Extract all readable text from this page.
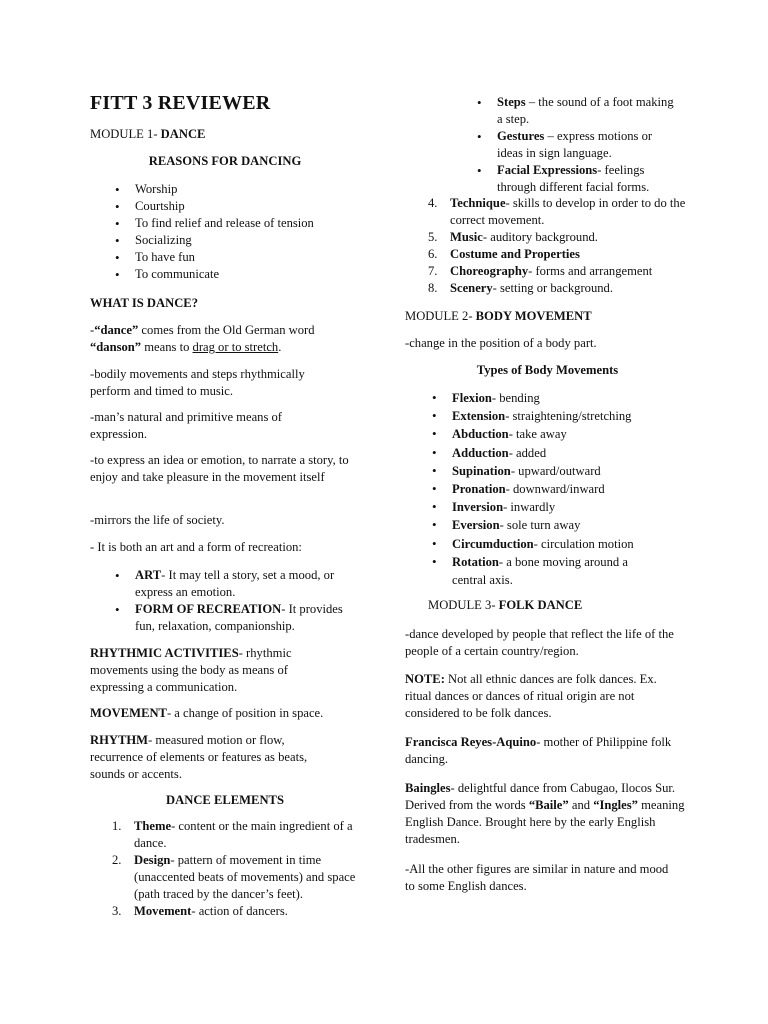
FITT 3 REVIEWER
MODULE 1- DANCE
REASONS FOR DANCING
• Worship
• Courtship
• To find relief and release of tension
• Socializing
• To have fun
• To communicate
WHAT IS DANCE?
-“dance” comes from the Old German word “danson” means to drag or to stretch.
-bodily movements and steps rhythmically perform and timed to music.
-man’s natural and primitive means of expression.
-to express an idea or emotion, to narrate a story, to enjoy and take pleasure in the movement itself
-mirrors the life of society.
- It is both an art and a form of recreation:
• ART- It may tell a story, set a mood, or express an emotion.
• FORM OF RECREATION- It provides fun, relaxation, companionship.
RHYTHMIC ACTIVITIES- rhythmic movements using the body as means of expressing a communication.
MOVEMENT- a change of position in space.
RHYTHM- measured motion or flow, recurrence of elements or features as beats, sounds or accents.
DANCE ELEMENTS
1. Theme- content or the main ingredient of a dance.
2. Design- pattern of movement in time (unaccented beats of movements) and space (path traced by the dancer’s feet).
3. Movement- action of dancers.
• Steps – the sound of a foot making a step.
• Gestures – express motions or ideas in sign language.
• Facial Expressions- feelings through different facial forms.
4. Technique- skills to develop in order to do the correct movement.
5. Music- auditory background.
6. Costume and Properties
7. Choreography- forms and arrangement
8. Scenery- setting or background.
MODULE 2- BODY MOVEMENT
-change in the position of a body part.
Types of Body Movements
• Flexion- bending
• Extension- straightening/stretching
• Abduction- take away
• Adduction- added
• Supination- upward/outward
• Pronation- downward/inward
• Inversion- inwardly
• Eversion- sole turn away
• Circumduction- circulation motion
• Rotation- a bone moving around a central axis.
MODULE 3- FOLK DANCE
-dance developed by people that reflect the life of the people of a certain country/region.
NOTE: Not all ethnic dances are folk dances. Ex. ritual dances or dances of ritual origin are not considered to be folk dances.
Francisca Reyes-Aquino- mother of Philippine folk dancing.
Baingles- delightful dance from Cabugao, Ilocos Sur. Derived from the words “Baile” and “Ingles” meaning English Dance. Brought here by the early English tradesmen.
-All the other figures are similar in nature and mood to some English dances.
